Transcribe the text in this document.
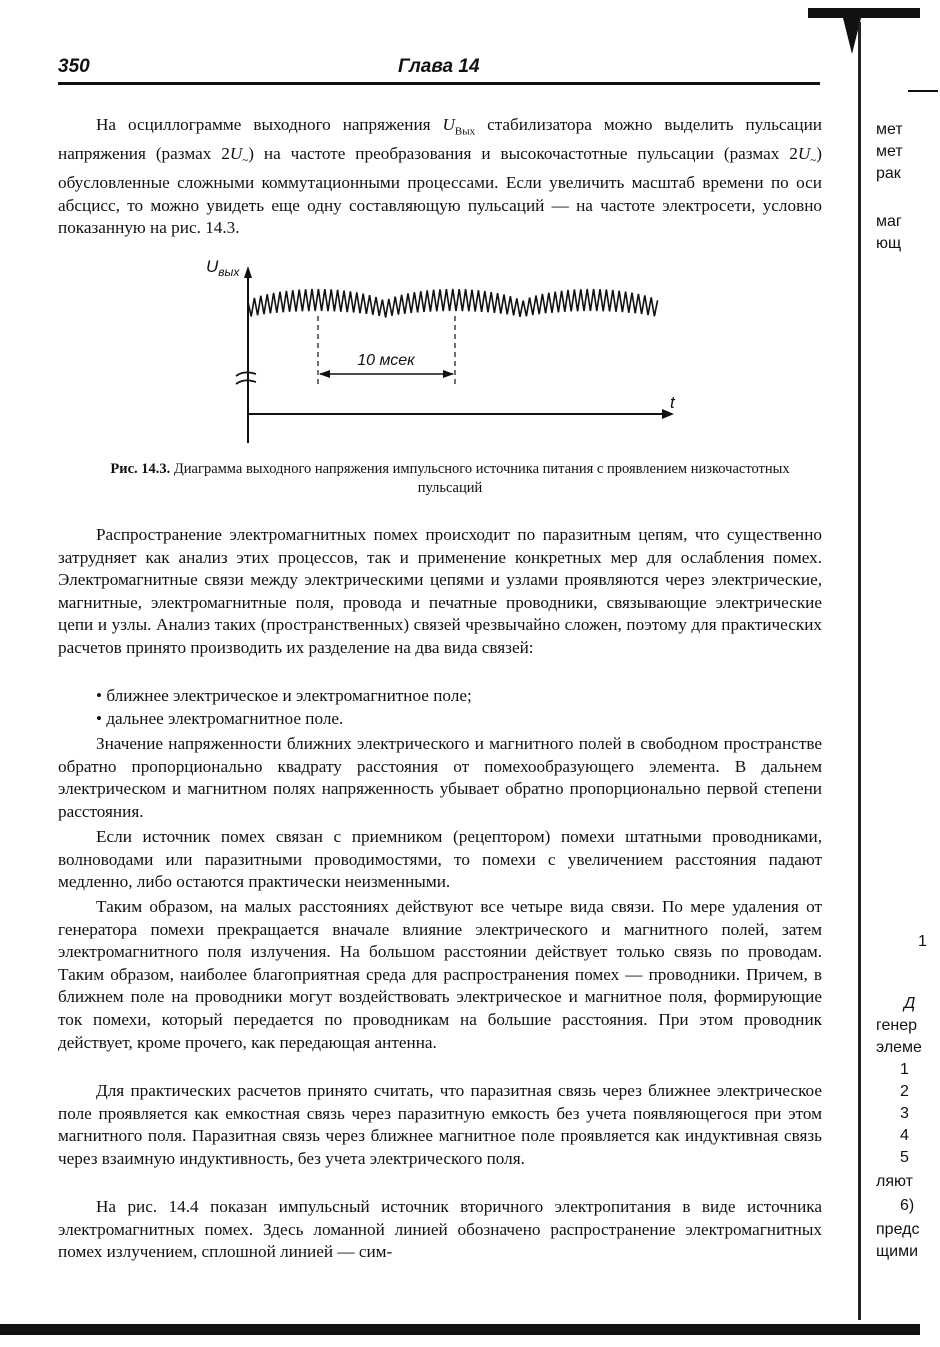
350	Глава 14

На осциллограмме выходного напряжения $U_{Вых}$ стабилизатора можно выделить пульсации напряжения (размах $2U_\sim$) на частоте преобразования и высокочастотные пульсации (размах $2U_\sim$) обусловленные сложными коммутационными процессами. Если увеличить масштаб времени по оси абсцисс, то можно увидеть еще одну составляющую пульсаций — на частоте электросети, условно показанную на рис. 14.3.

10 мсек
$U_{вых}$
t

Рис. 14.3. Диаграмма выходного напряжения импульсного источника питания с проявлением низкочастотных пульсаций

Распространение электромагнитных помех происходит по паразитным цепям, что существенно затрудняет как анализ этих процессов, так и применение конкретных мер для ослабления помех. Электромагнитные связи между электрическими цепями и узлами проявляются через электрические, магнитные, электромагнитные поля, провода и печатные проводники, связывающие электрические цепи и узлы. Анализ таких (пространственных) связей чрезвычайно сложен, поэтому для практических расчетов принято производить их разделение на два вида связей:

• ближнее электрическое и электромагнитное поле;

• дальнее электромагнитное поле.

Значение напряженности ближних электрического и магнитного полей в свободном пространстве обратно пропорционально квадрату расстояния от помехообразующего элемента. В дальнем электрическом и магнитном полях напряженность убывает обратно пропорционально первой степени расстояния.

Если источник помех связан с приемником (рецептором) помехи штатными проводниками, волноводами или паразитными проводимостями, то помехи с увеличением расстояния падают медленно, либо остаются практически неизменными.

Таким образом, на малых расстояниях действуют все четыре вида связи. По мере удаления от генератора помехи прекращается вначале влияние электрического и магнитного полей, затем электромагнитного поля излучения. На большом расстоянии действует только связь по проводам. Таким образом, наиболее благоприятная среда для распространения помех — проводники. Причем, в ближнем поле на проводники могут воздействовать электрическое и магнитное поля, формирующие ток помехи, который передается по проводникам на большие расстояния. При этом проводник действует, кроме прочего, как передающая антенна.

Для практических расчетов принято считать, что паразитная связь через ближнее электрическое поле проявляется как емкостная связь через паразитную емкость без учета появляющегося при этом магнитного поля. Паразитная связь через ближнее магнитное поле проявляется как индуктивная связь через взаимную индуктивность, без учета электрического поля.

На рис. 14.4 показан импульсный источник вторичного электропитания в виде источника электромагнитных помех. Здесь ломанной линией обозначено распространение электромагнитных помех излучением, сплошной линией — сим-

мет
мет
рак
маг
ющ
1
Д
генер
элеме
1
2
3
4
5
ляют
6)
предс
щими
